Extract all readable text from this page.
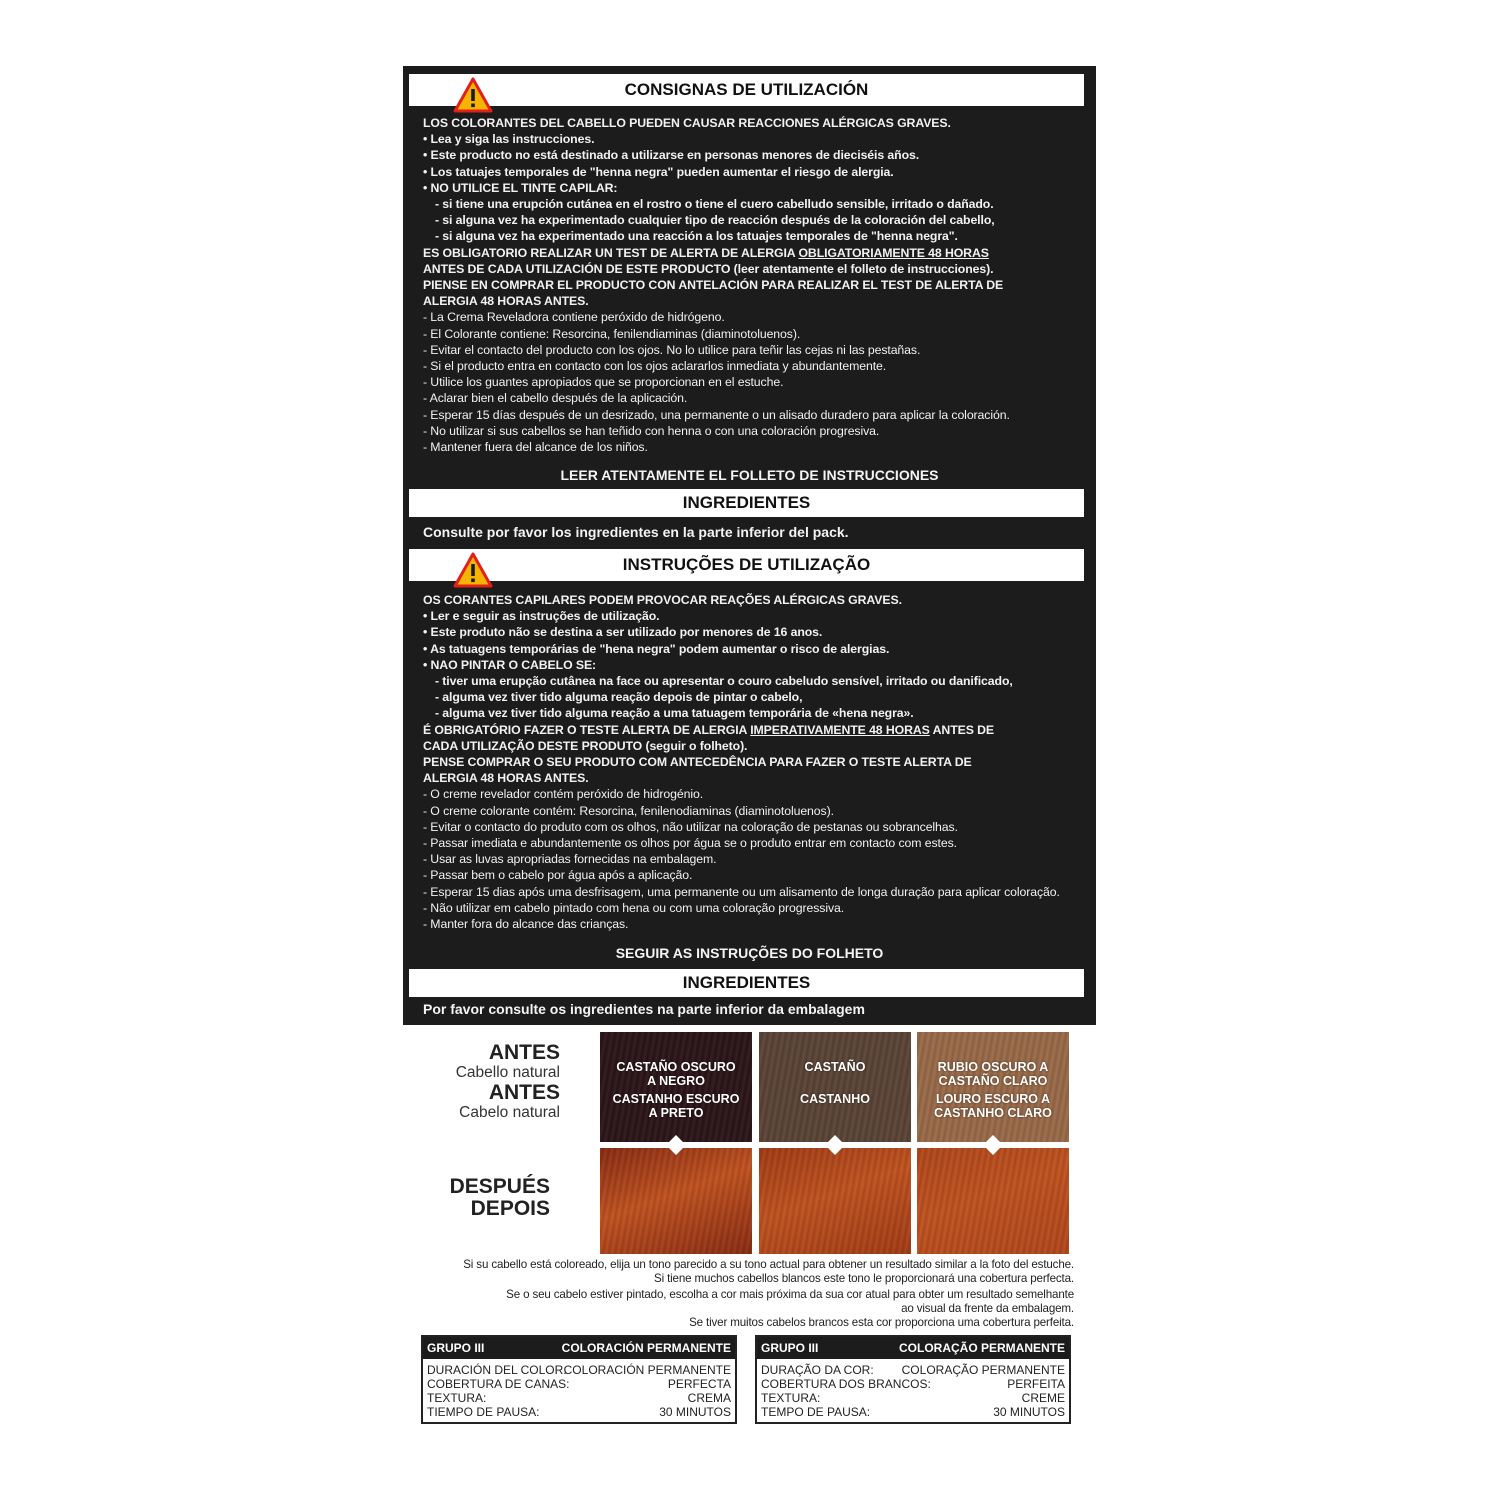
CONSIGNAS DE UTILIZACIÓN

LOS COLORANTES DEL CABELLO PUEDEN CAUSAR REACCIONES ALÉRGICAS GRAVES.

• Lea y siga las instrucciones.

• Este producto no está destinado a utilizarse en personas menores de dieciséis años.

• Los tatuajes temporales de "henna negra" pueden aumentar el riesgo de alergia.

• NO UTILICE EL TINTE CAPILAR:

- si tiene una erupción cutánea en el rostro o tiene el cuero cabelludo sensible, irritado o dañado.

- si alguna vez ha experimentado cualquier tipo de reacción después de la coloración del cabello,

- si alguna vez ha experimentado una reacción a los tatuajes temporales de "henna negra".

ES OBLIGATORIO REALIZAR UN TEST DE ALERTA DE ALERGIA OBLIGATORIAMENTE 48 HORAS

ANTES DE CADA UTILIZACIÓN DE ESTE PRODUCTO (leer atentamente el folleto de instrucciones).

PIENSE EN COMPRAR EL PRODUCTO CON ANTELACIÓN PARA REALIZAR EL TEST DE ALERTA DE

ALERGIA 48 HORAS ANTES.

- La Crema Reveladora contiene peróxido de hidrógeno.

- El Colorante contiene: Resorcina, fenilendiaminas (diaminotoluenos).

- Evitar el contacto del producto con los ojos. No lo utilice para teñir las cejas ni las pestañas.

- Si el producto entra en contacto con los ojos aclararlos inmediata y abundantemente.

- Utilice los guantes apropiados que se proporcionan en el estuche.

- Aclarar bien el cabello después de la aplicación.

- Esperar 15 días después de un desrizado, una permanente o un alisado duradero para aplicar la coloración.

- No utilizar si sus cabellos se han teñido con henna o con una coloración progresiva.

- Mantener fuera del alcance de los niños.

LEER ATENTAMENTE EL FOLLETO DE INSTRUCCIONES
INGREDIENTES
Consulte por favor los ingredientes en la parte inferior del pack.
INSTRUÇÕES DE UTILIZAÇÃO

OS CORANTES CAPILARES PODEM PROVOCAR REAÇÕES ALÉRGICAS GRAVES.

• Ler e seguir as instruções de utilização.

• Este produto não se destina a ser utilizado por menores de 16 anos.

• As tatuagens temporárias de "hena negra" podem aumentar o risco de alergias.

• NAO PINTAR O CABELO SE:

- tiver uma erupção cutânea na face ou apresentar o couro cabeludo sensível, irritado ou danificado,

- alguma vez tiver tido alguma reação depois de pintar o cabelo,

- alguma vez tiver tido alguma reação a uma tatuagem temporária de «hena negra».

É OBRIGATÓRIO FAZER O TESTE ALERTA DE ALERGIA IMPERATIVAMENTE 48 HORAS ANTES DE

CADA UTILIZAÇÃO DESTE PRODUTO (seguir o folheto).

PENSE COMPRAR O SEU PRODUTO COM ANTECEDÊNCIA PARA FAZER O TESTE ALERTA DE

ALERGIA 48 HORAS ANTES.

- O creme revelador contém peróxido de hidrogénio.

- O creme colorante contém: Resorcina, fenilenodiaminas (diaminotoluenos).

- Evitar o contacto do produto com os olhos, não utilizar na coloração de pestanas ou sobrancelhas.

- Passar imediata e abundantemente os olhos por água se o produto entrar em contacto com estes.

- Usar as luvas apropriadas fornecidas na embalagem.

- Passar bem o cabelo por água após a aplicação.

- Esperar 15 dias após uma desfrisagem, uma permanente ou um alisamento de longa duração para aplicar coloração.

- Não utilizar em cabelo pintado com hena ou com uma coloração progressiva.

- Manter fora do alcance das crianças.

SEGUIR AS INSTRUÇÕES DO FOLHETO
INGREDIENTES
Por favor consulte os ingredientes na parte inferior da embalagem
ANTES
Cabello natural
ANTES
Cabelo natural
DESPUÉS
DEPOIS
CASTAÑO OSCURO
A NEGRO
CASTANHO ESCURO
A PRETO
CASTAÑO
CASTANHO
RUBIO OSCURO A
CASTAÑO CLARO
LOURO ESCURO A
CASTANHO CLARO
Si su cabello está coloreado, elija un tono parecido a su tono actual para obtener un resultado similar a la foto del estuche.
Si tiene muchos cabellos blancos este tono le proporcionará una cobertura perfecta.
Se o seu cabelo estiver pintado, escolha a cor mais próxima da sua cor atual para obter um resultado semelhante
ao visual da frente da embalagem.
Se tiver muitos cabelos brancos esta cor proporciona uma cobertura perfeita.
GRUPO III	COLORACIÓN PERMANENTE
DURACIÓN DEL COLOR:
COLORACIÓN PERMANENTE
COBERTURA DE CANAS:	PERFECTA
TEXTURA:	CREMA
TIEMPO DE PAUSA:	30 MINUTOS
GRUPO III	COLORAÇÃO PERMANENTE
DURAÇÃO DA COR: COLORAÇÃO PERMANENTE
COBERTURA DOS BRANCOS:	PERFEITA
TEXTURA:	CREME
TEMPO DE PAUSA:	30 MINUTOS
